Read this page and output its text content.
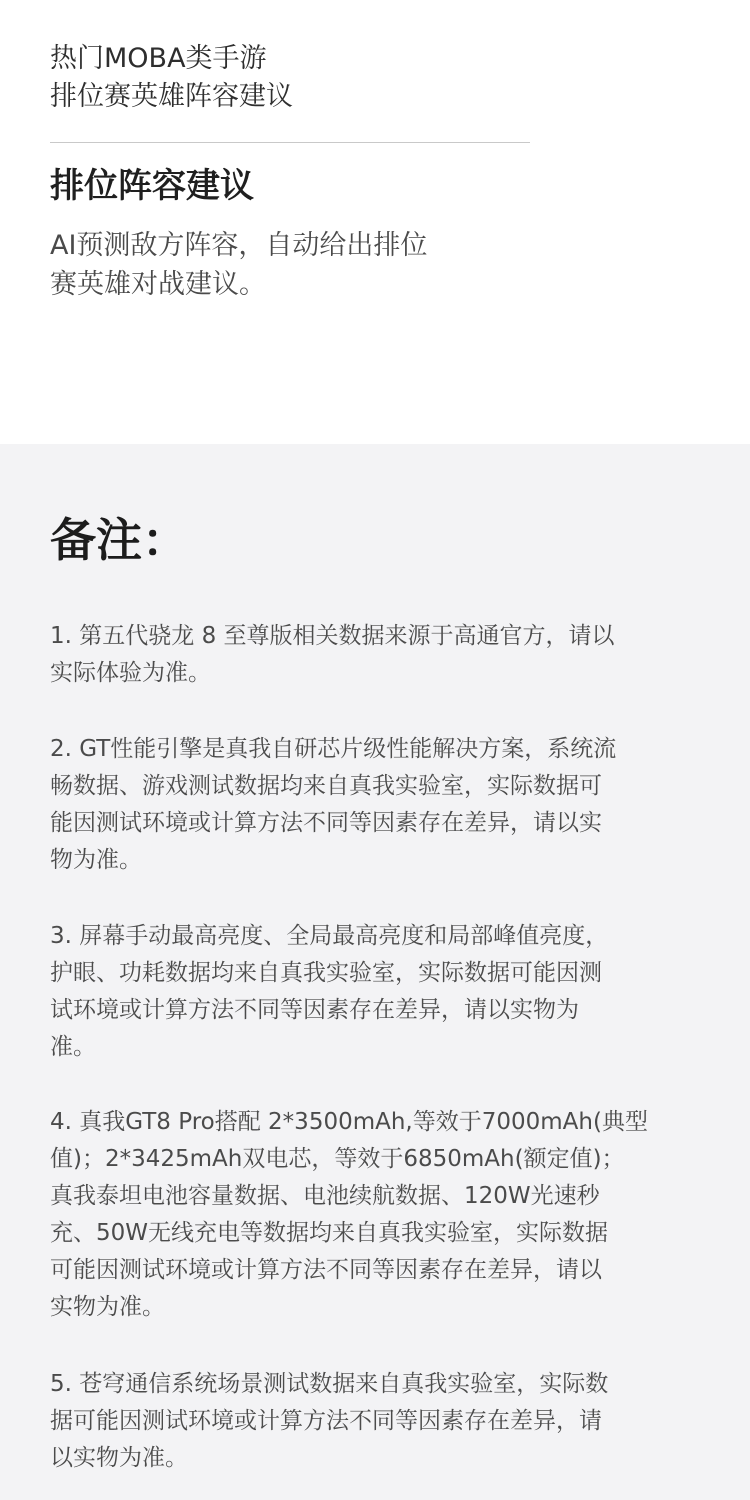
热门MOBA类手游
排位赛英雄阵容建议
排位阵容建议
AI预测敌方阵容，自动给出排位
赛英雄对战建议。
备注：
1. 第五代骁龙 8 至尊版相关数据来源于高通官方，请以
实际体验为准。
2. GT性能引擎是真我自研芯片级性能解决方案，系统流
畅数据、游戏测试数据均来自真我实验室，实际数据可
能因测试环境或计算方法不同等因素存在差异，请以实
物为准。
3. 屏幕手动最高亮度、全局最高亮度和局部峰值亮度，
护眼、功耗数据均来自真我实验室，实际数据可能因测
试环境或计算方法不同等因素存在差异，请以实物为
准。
4. 真我GT8 Pro搭配 2*3500mAh,等效于7000mAh(典型
值)；2*3425mAh双电芯，等效于6850mAh(额定值)；
真我泰坦电池容量数据、电池续航数据、120W光速秒
充、50W无线充电等数据均来自真我实验室，实际数据
可能因测试环境或计算方法不同等因素存在差异，请以
实物为准。
5. 苍穹通信系统场景测试数据来自真我实验室，实际数
据可能因测试环境或计算方法不同等因素存在差异，请
以实物为准。
